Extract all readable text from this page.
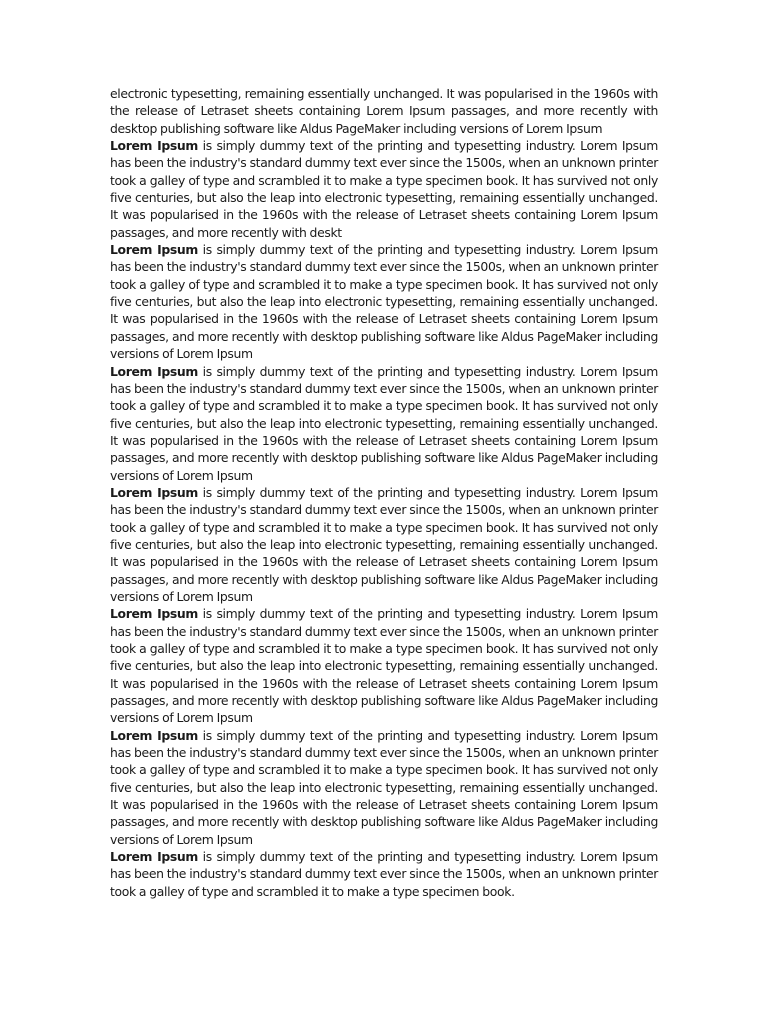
electronic typesetting, remaining essentially unchanged. It was popularised in the 1960s with the release of Letraset sheets containing Lorem Ipsum passages, and more recently with desktop publishing software like Aldus PageMaker including versions of Lorem Ipsum

Lorem Ipsum is simply dummy text of the printing and typesetting industry. Lorem Ipsum has been the industry's standard dummy text ever since the 1500s, when an unknown printer took a galley of type and scrambled it to make a type specimen book. It has survived not only five centuries, but also the leap into electronic typesetting, remaining essentially unchanged. It was popularised in the 1960s with the release of Letraset sheets containing Lorem Ipsum passages, and more recently with deskt

Lorem Ipsum is simply dummy text of the printing and typesetting industry. Lorem Ipsum has been the industry's standard dummy text ever since the 1500s, when an unknown printer took a galley of type and scrambled it to make a type specimen book. It has survived not only five centuries, but also the leap into electronic typesetting, remaining essentially unchanged. It was popularised in the 1960s with the release of Letraset sheets containing Lorem Ipsum passages, and more recently with desktop publishing software like Aldus PageMaker including versions of Lorem Ipsum

Lorem Ipsum is simply dummy text of the printing and typesetting industry. Lorem Ipsum has been the industry's standard dummy text ever since the 1500s, when an unknown printer took a galley of type and scrambled it to make a type specimen book. It has survived not only five centuries, but also the leap into electronic typesetting, remaining essentially unchanged. It was popularised in the 1960s with the release of Letraset sheets containing Lorem Ipsum passages, and more recently with desktop publishing software like Aldus PageMaker including versions of Lorem Ipsum

Lorem Ipsum is simply dummy text of the printing and typesetting industry. Lorem Ipsum has been the industry's standard dummy text ever since the 1500s, when an unknown printer took a galley of type and scrambled it to make a type specimen book. It has survived not only five centuries, but also the leap into electronic typesetting, remaining essentially unchanged. It was popularised in the 1960s with the release of Letraset sheets containing Lorem Ipsum passages, and more recently with desktop publishing software like Aldus PageMaker including versions of Lorem Ipsum

Lorem Ipsum is simply dummy text of the printing and typesetting industry. Lorem Ipsum has been the industry's standard dummy text ever since the 1500s, when an unknown printer took a galley of type and scrambled it to make a type specimen book. It has survived not only five centuries, but also the leap into electronic typesetting, remaining essentially unchanged. It was popularised in the 1960s with the release of Letraset sheets containing Lorem Ipsum passages, and more recently with desktop publishing software like Aldus PageMaker including versions of Lorem Ipsum

Lorem Ipsum is simply dummy text of the printing and typesetting industry. Lorem Ipsum has been the industry's standard dummy text ever since the 1500s, when an unknown printer took a galley of type and scrambled it to make a type specimen book. It has survived not only five centuries, but also the leap into electronic typesetting, remaining essentially unchanged. It was popularised in the 1960s with the release of Letraset sheets containing Lorem Ipsum passages, and more recently with desktop publishing software like Aldus PageMaker including versions of Lorem Ipsum

Lorem Ipsum is simply dummy text of the printing and typesetting industry. Lorem Ipsum has been the industry's standard dummy text ever since the 1500s, when an unknown printer took a galley of type and scrambled it to make a type specimen book.
